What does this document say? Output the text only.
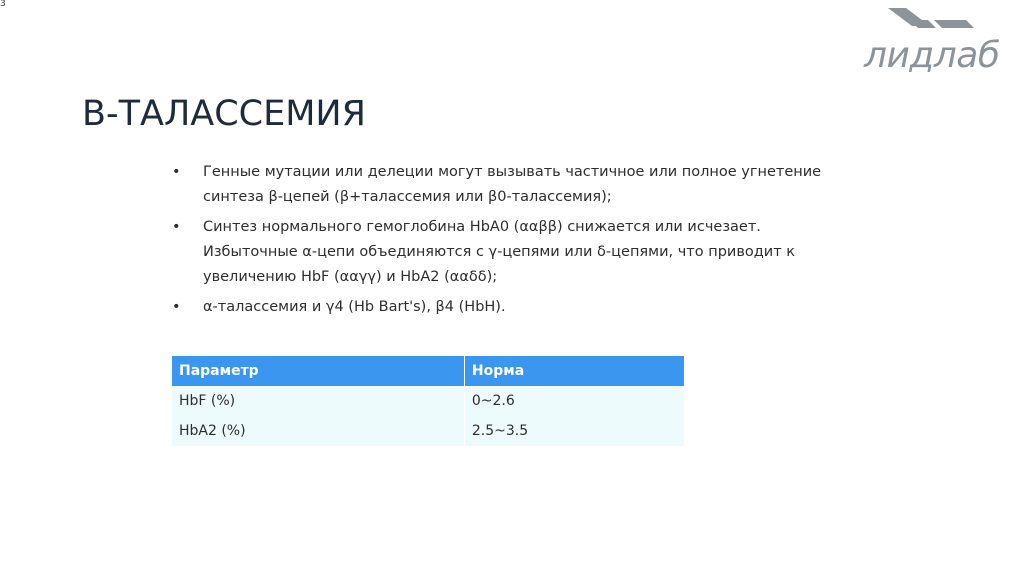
3
лидлаб
В-ТАЛАССЕМИЯ
• Генные мутации или делеции могут вызывать частичное или полное угнетение
синтеза β-цепей (β+талассемия или β0-талассемия);
• Синтез нормального гемоглобина HbA0 (ααββ) снижается или исчезает.
Избыточные α-цепи объединяются с γ-цепями или δ-цепями, что приводит к
увеличению HbF (ααγγ) и HbA2 (ααδδ);
• α-талассемия и γ4 (Hb Bart's), β4 (HbH).
Параметр	Норма
HbF (%)	0~2.6
HbA2 (%)	2.5~3.5
